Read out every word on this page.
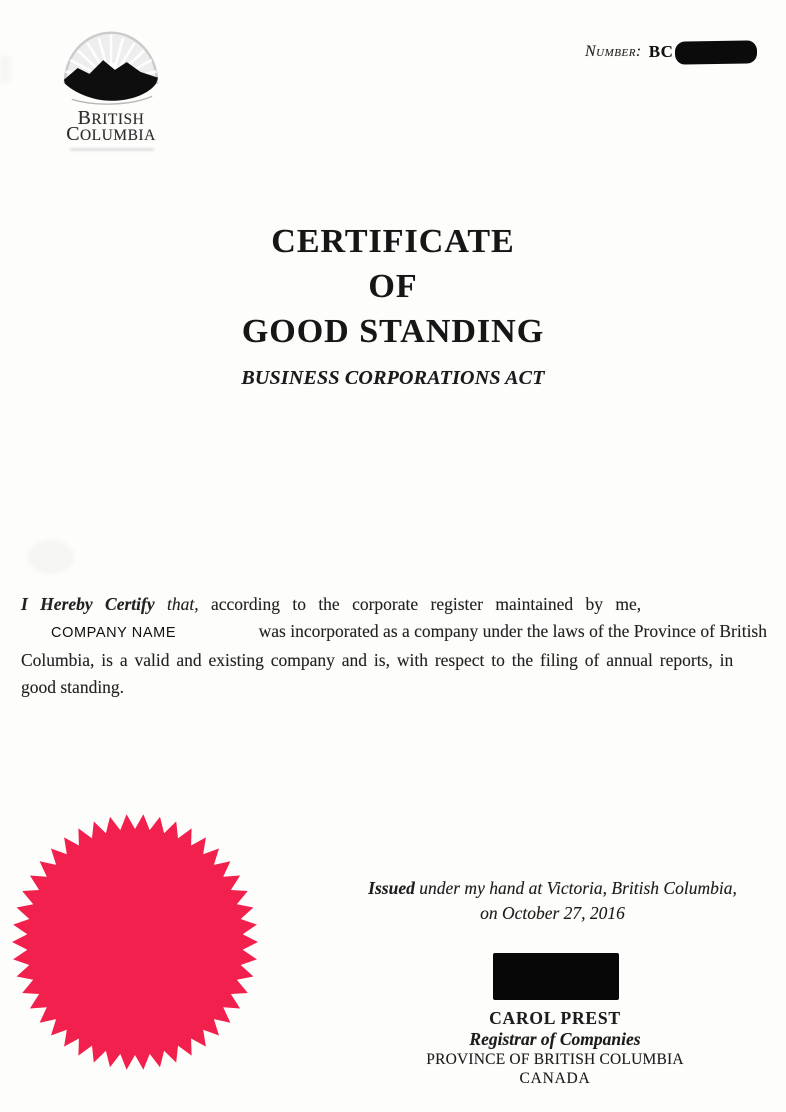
BRITISH
COLUMBIA
Number: BC
CERTIFICATE
OF
GOOD STANDING
BUSINESS CORPORATIONS ACT
I Hereby Certify that, according to the corporate register maintained by me,
COMPANY NAME	was incorporated as a company under the laws of the Province of British
Columbia, is a valid and existing company and is, with respect to the filing of annual reports, in
good standing.
Issued under my hand at Victoria, British Columbia,
on October 27, 2016
CAROL PREST
Registrar of Companies
PROVINCE OF BRITISH COLUMBIA
CANADA
